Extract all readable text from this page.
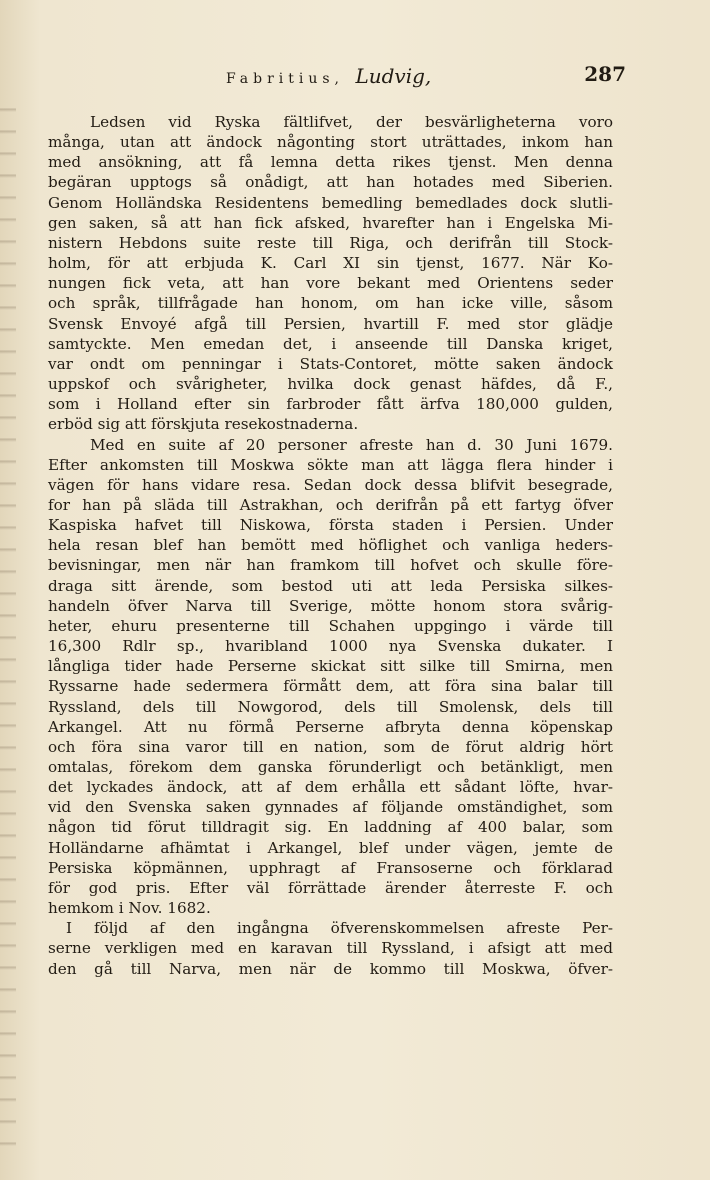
Fabritius, Ludvig,	287

Ledsen vid Ryska fältlifvet, der besvärligheterna voro

många, utan att ändock någonting stort uträttades, inkom han

med ansökning, att få lemna detta rikes tjenst. Men denna

begäran upptogs så onådigt, att han hotades med Siberien.

Genom Holländska Residentens bemedling bemedlades dock slutli-

gen saken, så att han fick afsked, hvarefter han i Engelska Mi-

nistern Hebdons suite reste till Riga, och derifrån till Stock-

holm, för att erbjuda K. Carl XI sin tjenst, 1677. När Ko-

nungen fick veta, att han vore bekant med Orientens seder

och språk, tillfrågade han honom, om han icke ville, såsom

Svensk Envoyé afgå till Persien, hvartill F. med stor glädje

samtyckte. Men emedan det, i anseende till Danska kriget,

var ondt om penningar i Stats-Contoret, mötte saken ändock

uppskof och svårigheter, hvilka dock genast häfdes, då F.,

som i Holland efter sin farbroder fått ärfva 180,000 gulden,

erböd sig att förskjuta resekostnaderna.

Med en suite af 20 personer afreste han d. 30 Juni 1679.

Efter ankomsten till Moskwa sökte man att lägga flera hinder i

vägen för hans vidare resa. Sedan dock dessa blifvit besegrade,

for han på släda till Astrakhan, och derifrån på ett fartyg öfver

Kaspiska hafvet till Niskowa, första staden i Persien. Under

hela resan blef han bemött med höflighet och vanliga heders-

bevisningar, men när han framkom till hofvet och skulle före-

draga sitt ärende, som bestod uti att leda Persiska silkes-

handeln öfver Narva till Sverige, mötte honom stora svårig-

heter, ehuru presenterne till Schahen uppgingo i värde till

16,300 Rdlr sp., hvaribland 1000 nya Svenska dukater. I

långliga tider hade Perserne skickat sitt silke till Smirna, men

Ryssarne hade sedermera förmått dem, att föra sina balar till

Ryssland, dels till Nowgorod, dels till Smolensk, dels till

Arkangel. Att nu förmå Perserne afbryta denna köpenskap

och föra sina varor till en nation, som de förut aldrig hört

omtalas, förekom dem ganska förunderligt och betänkligt, men

det lyckades ändock, att af dem erhålla ett sådant löfte, hvar-

vid den Svenska saken gynnades af följande omständighet, som

någon tid förut tilldragit sig. En laddning af 400 balar, som

Holländarne afhämtat i Arkangel, blef under vägen, jemte de

Persiska köpmännen, upphragt af Fransoserne och förklarad

för god pris. Efter väl förrättade ärender återreste F. och

hemkom i Nov. 1682.

I följd af den ingångna öfverenskommelsen afreste Per-

serne verkligen med en karavan till Ryssland, i afsigt att med

den gå till Narva, men när de kommo till Moskwa, öfver-
